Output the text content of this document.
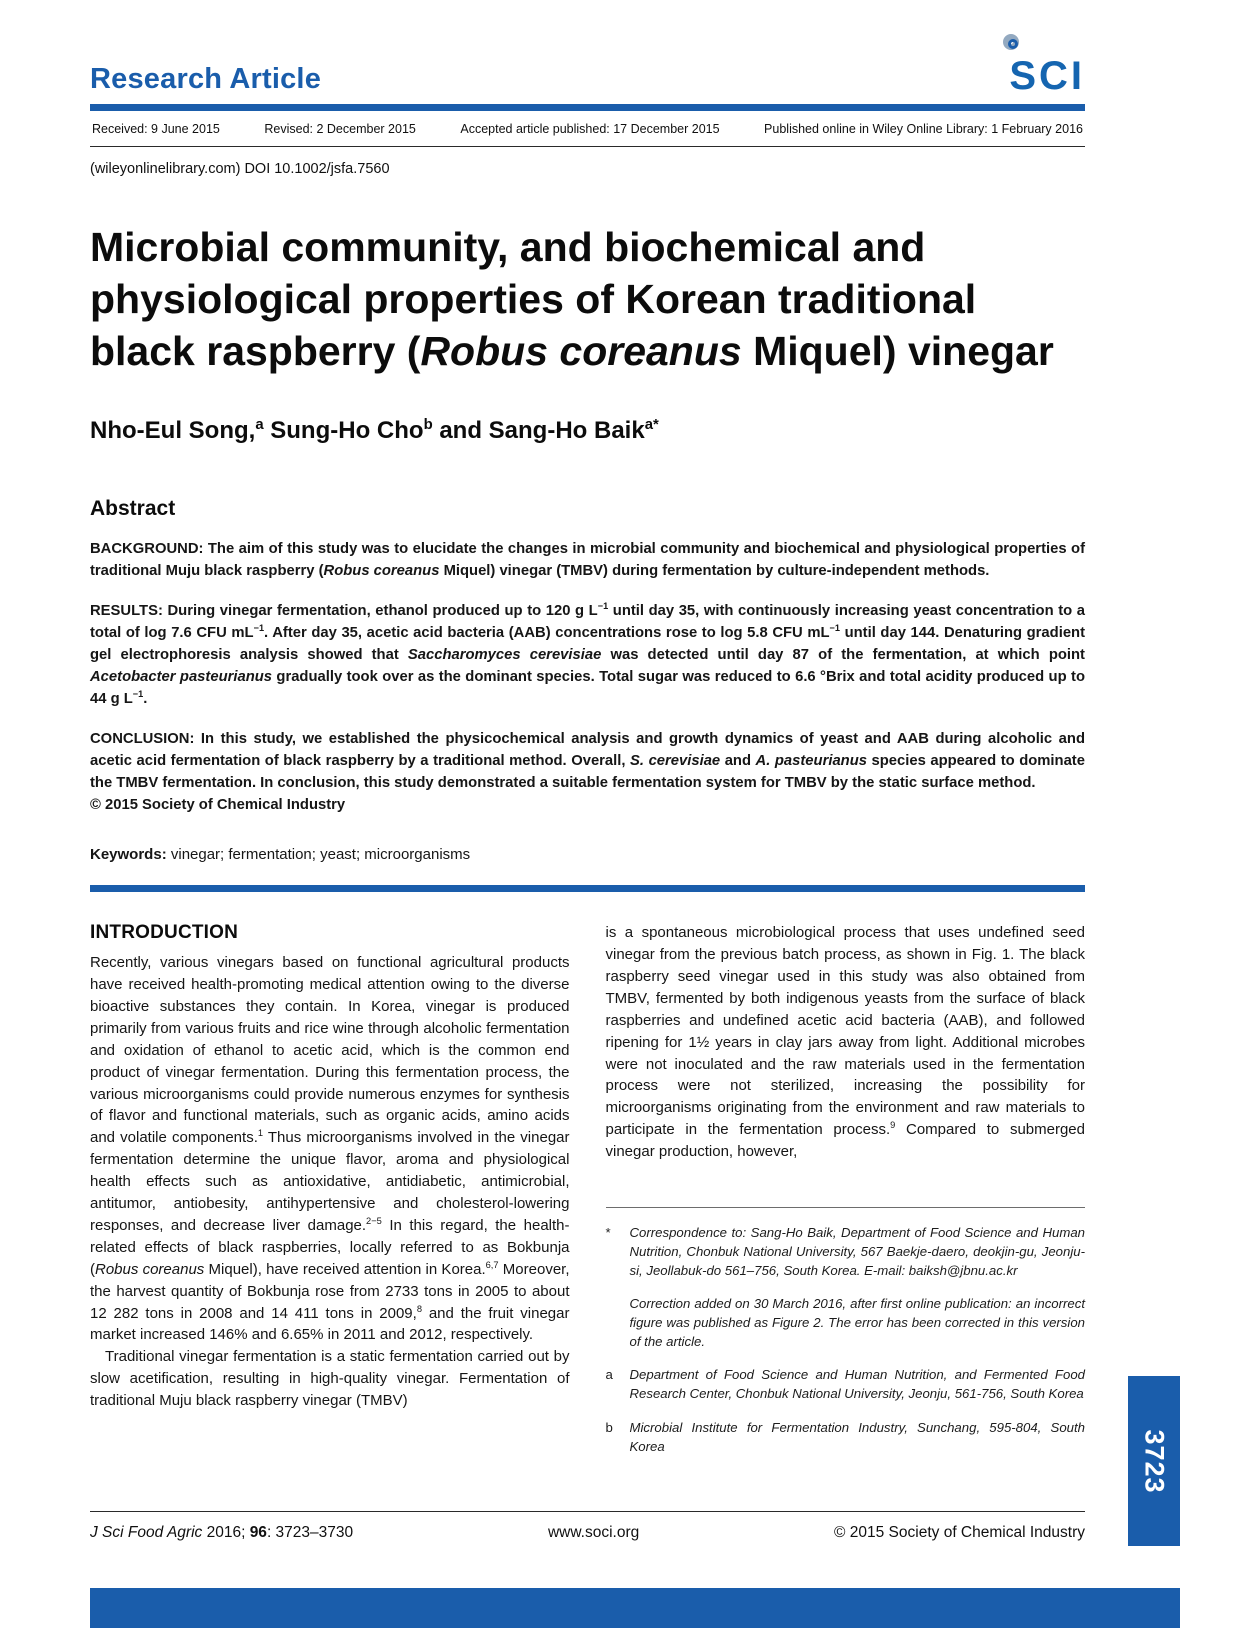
Research Article	SCI
Received: 9 June 2015	Revised: 2 December 2015	Accepted article published: 17 December 2015	Published online in Wiley Online Library: 1 February 2016
(wileyonlinelibrary.com) DOI 10.1002/jsfa.7560
Microbial community, and biochemical and physiological properties of Korean traditional black raspberry (Robus coreanus Miquel) vinegar
Nho-Eul Song,$^a$ Sung-Ho Cho$^b$ and Sang-Ho Baik$^{a*}$
Abstract

BACKGROUND: The aim of this study was to elucidate the changes in microbial community and biochemical and physiological properties of traditional Muju black raspberry (Robus coreanus Miquel) vinegar (TMBV) during fermentation by culture-independent methods.

RESULTS: During vinegar fermentation, ethanol produced up to 120 g $L^{-1}$ until day 35, with continuously increasing yeast concentration to a total of log 7.6 CFU $mL^{-1}$. After day 35, acetic acid bacteria (AAB) concentrations rose to log 5.8 CFU $mL^{-1}$ until day 144. Denaturing gradient gel electrophoresis analysis showed that Saccharomyces cerevisiae was detected until day 87 of the fermentation, at which point Acetobacter pasteurianus gradually took over as the dominant species. Total sugar was reduced to 6.6 °Brix and total acidity produced up to 44 g $L^{-1}$.

CONCLUSION: In this study, we established the physicochemical analysis and growth dynamics of yeast and AAB during alcoholic and acetic acid fermentation of black raspberry by a traditional method. Overall, S. cerevisiae and A. pasteurianus species appeared to dominate the TMBV fermentation. In conclusion, this study demonstrated a suitable fermentation system for TMBV by the static surface method.

© 2015 Society of Chemical Industry
Keywords: vinegar; fermentation; yeast; microorganisms
INTRODUCTION

Recently, various vinegars based on functional agricultural products have received health-promoting medical attention owing to the diverse bioactive substances they contain. In Korea, vinegar is produced primarily from various fruits and rice wine through alcoholic fermentation and oxidation of ethanol to acetic acid, which is the common end product of vinegar fermentation. During this fermentation process, the various microorganisms could provide numerous enzymes for synthesis of flavor and functional materials, such as organic acids, amino acids and volatile components.$^1$ Thus microorganisms involved in the vinegar fermentation determine the unique flavor, aroma and physiological health effects such as antioxidative, antidiabetic, antimicrobial, antitumor, antiobesity, antihypertensive and cholesterol-lowering responses, and decrease liver damage.$^{2-5}$ In this regard, the health-related effects of black raspberries, locally referred to as Bokbunja (Robus coreanus Miquel), have received attention in Korea.$^{6,7}$ Moreover, the harvest quantity of Bokbunja rose from 2733 tons in 2005 to about 12 282 tons in 2008 and 14 411 tons in 2009,$^8$ and the fruit vinegar market increased 146% and 6.65% in 2011 and 2012, respectively.

Traditional vinegar fermentation is a static fermentation carried out by slow acetification, resulting in high-quality vinegar. Fermentation of traditional Muju black raspberry vinegar (TMBV)

is a spontaneous microbiological process that uses undefined seed vinegar from the previous batch process, as shown in Fig. 1. The black raspberry seed vinegar used in this study was also obtained from TMBV, fermented by both indigenous yeasts from the surface of black raspberries and undefined acetic acid bacteria (AAB), and followed ripening for 1½ years in clay jars away from light. Additional microbes were not inoculated and the raw materials used in the fermentation process were not sterilized, increasing the possibility for microorganisms originating from the environment and raw materials to participate in the fermentation process.$^9$ Compared to submerged vinegar production, however,

*	Correspondence to: Sang-Ho Baik, Department of Food Science and Human Nutrition, Chonbuk National University, 567 Baekje-daero, deokjin-gu, Jeonju-si, Jeollabuk-do 561–756, South Korea. E-mail: baiksh@jbnu.ac.kr
Correction added on 30 March 2016, after first online publication: an incorrect figure was published as Figure 2. The error has been corrected in this version of the article.
a	Department of Food Science and Human Nutrition, and Fermented Food Research Center, Chonbuk National University, Jeonju, 561-756, South Korea
b	Microbial Institute for Fermentation Industry, Sunchang, 595-804, South Korea
J Sci Food Agric 2016; 96: 3723–3730	www.soci.org	© 2015 Society of Chemical Industry
3723
